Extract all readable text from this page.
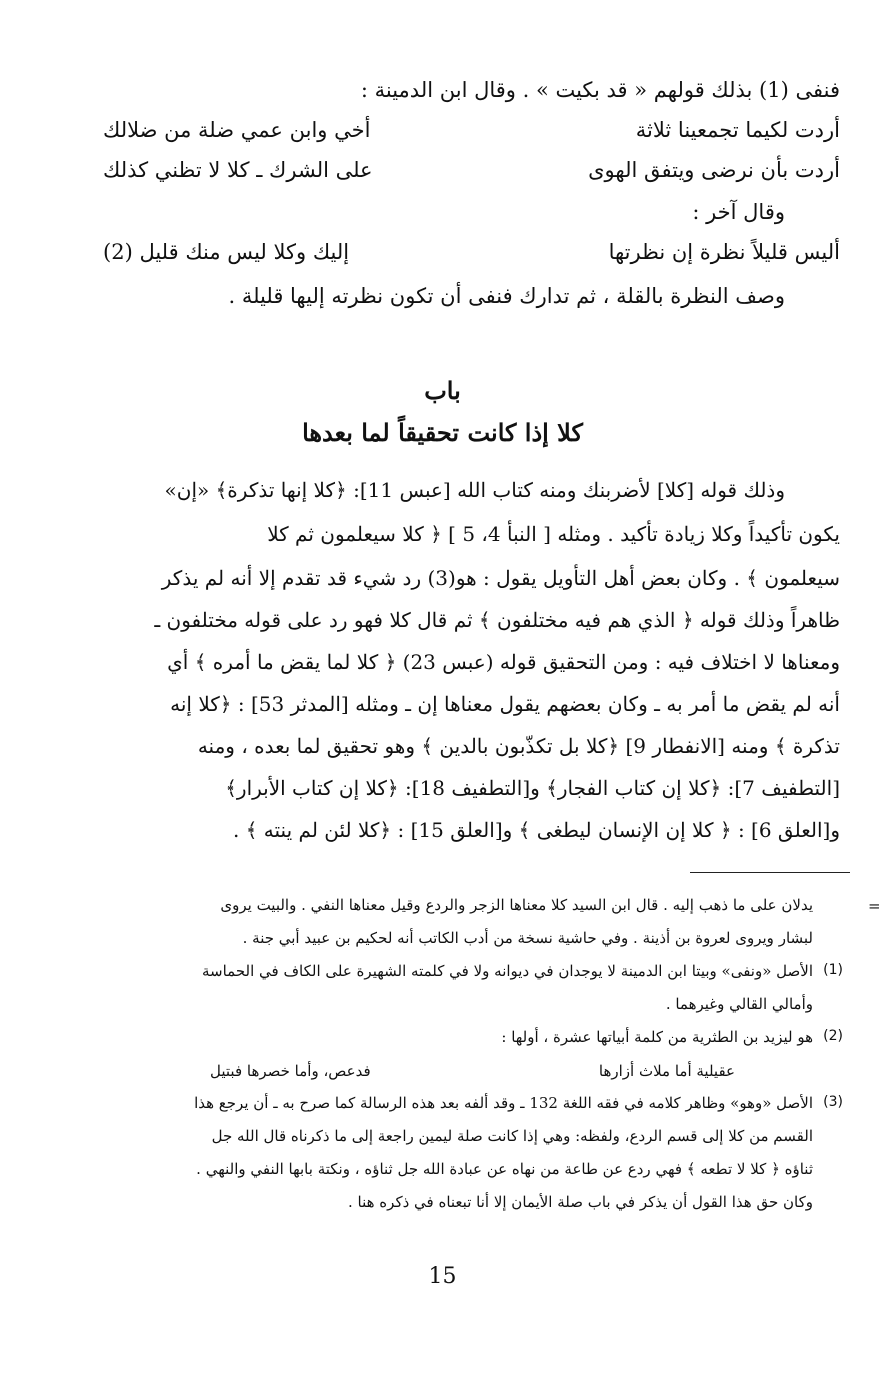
فنفى (1) بذلك قولهم « قد بكيت » . وقال ابن الدمينة :
أردت لكيما تجمعينا ثلاثة
أخي وابن عمي ضلة من ضلالك
أردت بأن نرضى ويتفق الهوى
على الشرك ـ كلا لا تظني كذلك
وقال آخر :
أليس قليلاً نظرة إن نظرتها
إليك وكلا ليس منك قليل (2)
وصف النظرة بالقلة ، ثم تدارك فنفى أن تكون نظرته إليها قليلة .
باب
كلا إذا كانت تحقيقاً لما بعدها
وذلك قوله [كلا] لأضربنك ومنه كتاب الله [عبس 11]: ﴿كلا إنها تذكرة﴾ «إن»
يكون تأكيداً وكلا زيادة تأكيد . ومثله [ النبأ 4، 5 ] ﴿ كلا سيعلمون ثم كلا
سيعلمون ﴾ . وكان بعض أهل التأويل يقول : هو(3) رد شيء قد تقدم إلا أنه لم يذكر
ظاهراً وذلك قوله ﴿ الذي هم فيه مختلفون ﴾ ثم قال كلا فهو رد على قوله مختلفون ـ
ومعناها لا اختلاف فيه : ومن التحقيق قوله (عبس 23) ﴿ كلا لما يقض ما أمره ﴾ أي
أنه لم يقض ما أمر به ـ وكان بعضهم يقول معناها إن ـ ومثله [المدثر 53] : ﴿كلا إنه
تذكرة ﴾ ومنه [الانفطار 9] ﴿كلا بل تكذّبون بالدين ﴾ وهو تحقيق لما بعده ، ومنه
[التطفيف 7]: ﴿كلا إن كتاب الفجار﴾ و[التطفيف 18]: ﴿كلا إن كتاب الأبرار﴾
و[العلق 6] : ﴿ كلا إن الإنسان ليطغى ﴾ و[العلق 15] : ﴿كلا لئن لم ينته ﴾ .
=
يدلان على ما ذهب إليه . قال ابن السيد كلا معناها الزجر والردع وقيل معناها النفي . والبيت يروى
لبشار ويروى لعروة بن أذينة . وفي حاشية نسخة من أدب الكاتب أنه لحكيم بن عبيد أبي جنة .
(1)
الأصل «ونفى» وبيتا ابن الدمينة لا يوجدان في ديوانه ولا في كلمته الشهيرة على الكاف في الحماسة
وأمالي القالي وغيرهما .
(2)
هو ليزيد بن الطثرية من كلمة أبياتها عشرة ، أولها :
عقيلية أما ملاث أزارها
فدعص، وأما خصرها فبتيل
(3)
الأصل «وهو» وظاهر كلامه في فقه اللغة 132 ـ وقد ألفه بعد هذه الرسالة كما صرح به ـ أن يرجع هذا
القسم من كلا إلى قسم الردع، ولفظه: وهي إذا كانت صلة ليمين راجعة إلى ما ذكرناه قال الله جل
ثناؤه ﴿ كلا لا تطعه ﴾ فهي ردع عن طاعة من نهاه عن عبادة الله جل ثناؤه ، ونكتة بابها النفي والنهي .
وكان حق هذا القول أن يذكر في باب صلة الأيمان إلا أنا تبعناه في ذكره هنا .
15
